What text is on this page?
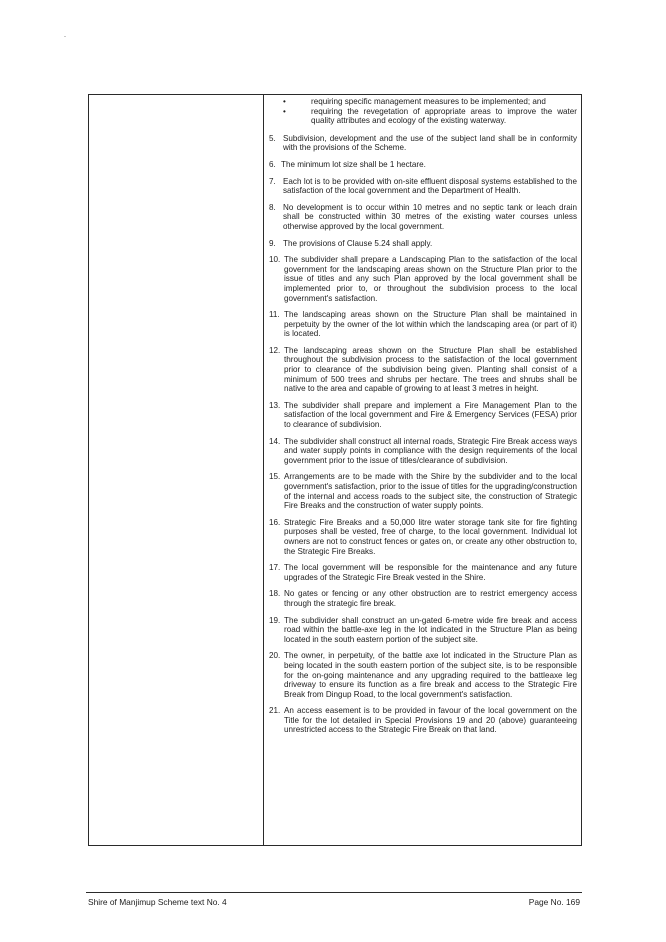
•	requiring specific management measures to be implemented; and
•	requiring the revegetation of appropriate areas to improve the water quality attributes and ecology of the existing waterway.
5. Subdivision, development and the use of the subject land shall be in conformity with the provisions of the Scheme.
6. The minimum lot size shall be 1 hectare.
7. Each lot is to be provided with on-site effluent disposal systems established to the satisfaction of the local government and the Department of Health.
8. No development is to occur within 10 metres and no septic tank or leach drain shall be constructed within 30 metres of the existing water courses unless otherwise approved by the local government.
9. The provisions of Clause 5.24 shall apply.
10. The subdivider shall prepare a Landscaping Plan to the satisfaction of the local government for the landscaping areas shown on the Structure Plan prior to the issue of titles and any such Plan approved by the local government shall be implemented prior to, or throughout the subdivision process to the local government's satisfaction.
11. The landscaping areas shown on the Structure Plan shall be maintained in perpetuity by the owner of the lot within which the landscaping area (or part of it) is located.
12. The landscaping areas shown on the Structure Plan shall be established throughout the subdivision process to the satisfaction of the local government prior to clearance of the subdivision being given. Planting shall consist of a minimum of 500 trees and shrubs per hectare. The trees and shrubs shall be native to the area and capable of growing to at least 3 metres in height.
13. The subdivider shall prepare and implement a Fire Management Plan to the satisfaction of the local government and Fire & Emergency Services (FESA) prior to clearance of subdivision.
14. The subdivider shall construct all internal roads, Strategic Fire Break access ways and water supply points in compliance with the design requirements of the local government prior to the issue of titles/clearance of subdivision.
15. Arrangements are to be made with the Shire by the subdivider and to the local government's satisfaction, prior to the issue of titles for the upgrading/construction of the internal and access roads to the subject site, the construction of Strategic Fire Breaks and the construction of water supply points.
16. Strategic Fire Breaks and a 50,000 litre water storage tank site for fire fighting purposes shall be vested, free of charge, to the local government. Individual lot owners are not to construct fences or gates on, or create any other obstruction to, the Strategic Fire Breaks.
17. The local government will be responsible for the maintenance and any future upgrades of the Strategic Fire Break vested in the Shire.
18. No gates or fencing or any other obstruction are to restrict emergency access through the strategic fire break.
19. The subdivider shall construct an un-gated 6-metre wide fire break and access road within the battle-axe leg in the lot indicated in the Structure Plan as being located in the south eastern portion of the subject site.
20. The owner, in perpetuity, of the battle axe lot indicated in the Structure Plan as being located in the south eastern portion of the subject site, is to be responsible for the on-going maintenance and any upgrading required to the battleaxe leg driveway to ensure its function as a fire break and access to the Strategic Fire Break from Dingup Road, to the local government's satisfaction.
21. An access easement is to be provided in favour of the local government on the Title for the lot detailed in Special Provisions 19 and 20 (above) guaranteeing unrestricted access to the Strategic Fire Break on that land.
Shire of Manjimup Scheme text No. 4	Page No. 169
